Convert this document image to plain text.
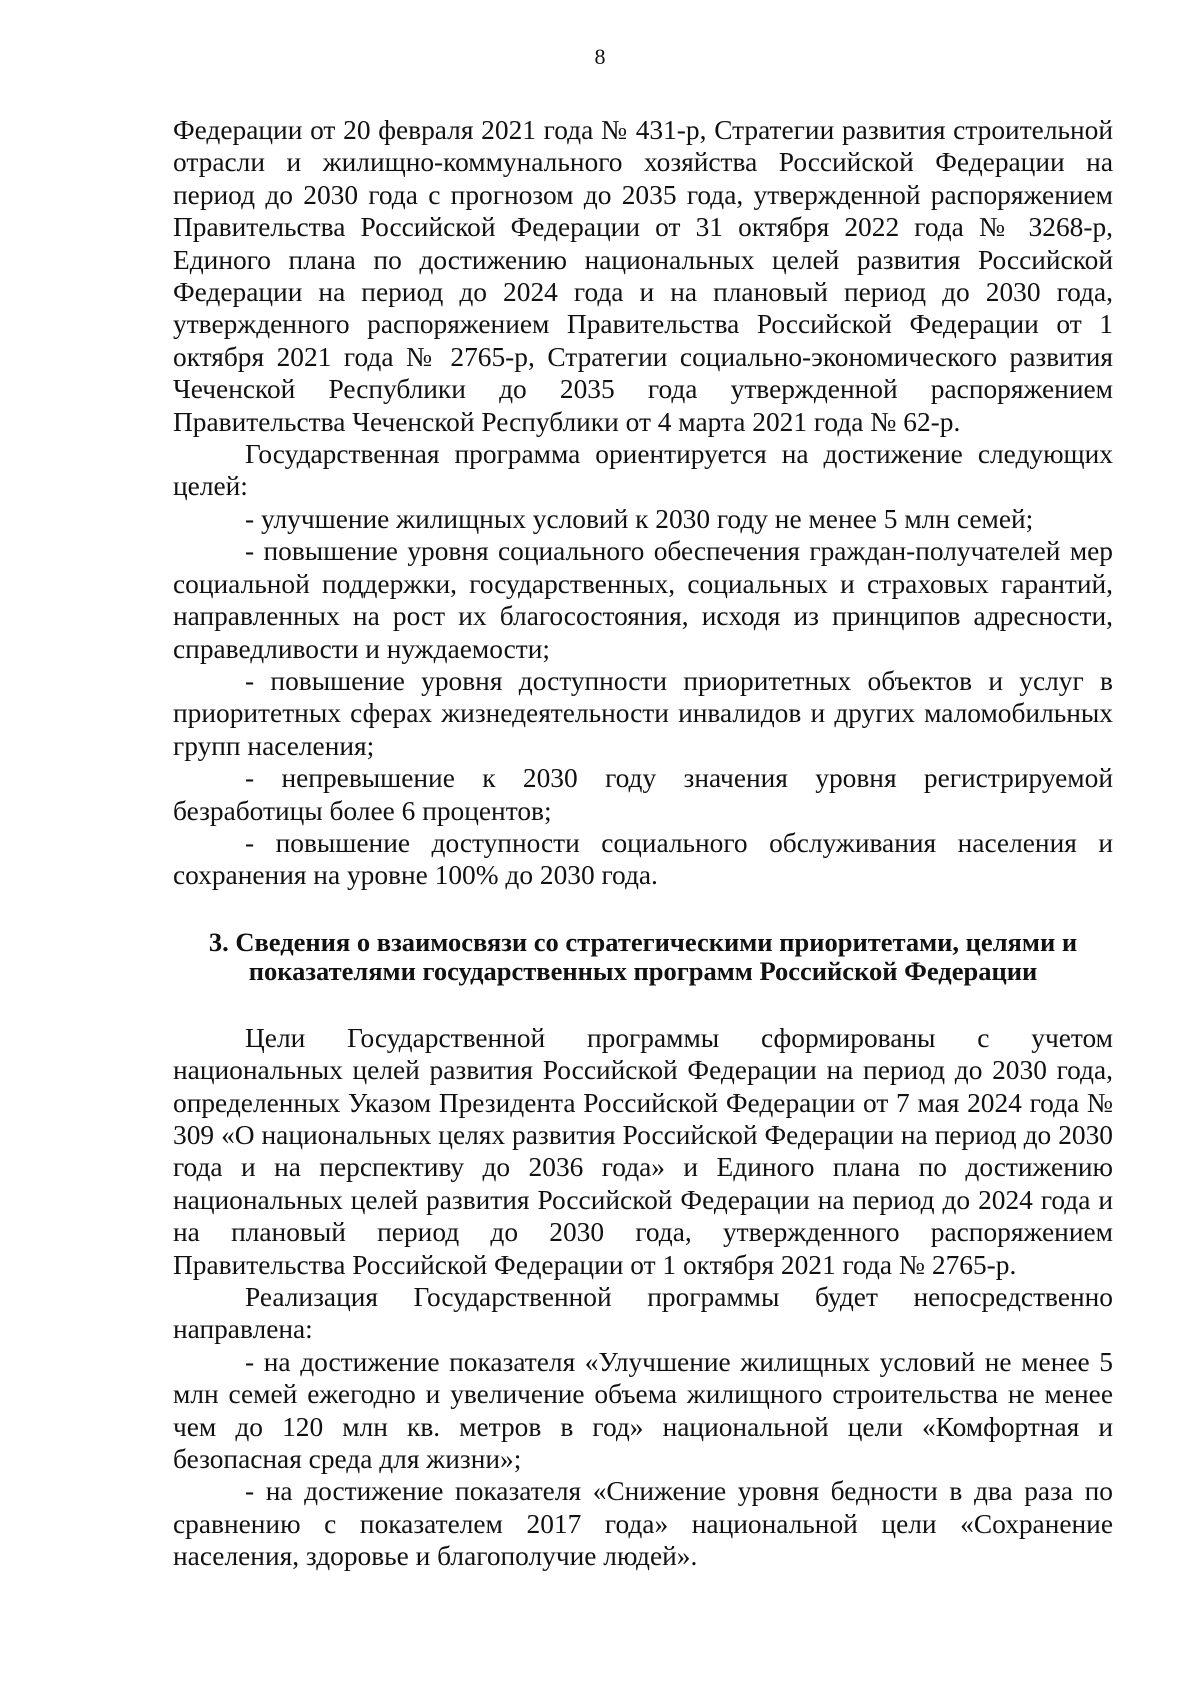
8

Федерации от 20 февраля 2021 года № 431-р, Стратегии развития строительной отрасли и жилищно-коммунального хозяйства Российской Федерации на период до 2030 года с прогнозом до 2035 года, утвержденной распоряжением Правительства Российской Федерации от 31 октября 2022 года № 3268-р, Единого плана по достижению национальных целей развития Российской Федерации на период до 2024 года и на плановый период до 2030 года, утвержденного распоряжением Правительства Российской Федерации от 1 октября 2021 года № 2765-р, Стратегии социально-экономического развития Чеченской Республики до 2035 года утвержденной распоряжением Правительства Чеченской Республики от 4 марта 2021 года № 62-р.

Государственная программа ориентируется на достижение следующих целей:

- улучшение жилищных условий к 2030 году не менее 5 млн семей;

- повышение уровня социального обеспечения граждан-получателей мер социальной поддержки, государственных, социальных и страховых гарантий, направленных на рост их благосостояния, исходя из принципов адресности, справедливости и нуждаемости;

- повышение уровня доступности приоритетных объектов и услуг в приоритетных сферах жизнедеятельности инвалидов и других маломобильных групп населения;

- непревышение к 2030 году значения уровня регистрируемой безработицы более 6 процентов;

- повышение доступности социального обслуживания населения и сохранения на уровне 100% до 2030 года.

3. Сведения о взаимосвязи со стратегическими приоритетами, целями и показателями государственных программ Российской Федерации

Цели Государственной программы сформированы с учетом национальных целей развития Российской Федерации на период до 2030 года, определенных Указом Президента Российской Федерации от 7 мая 2024 года № 309 «О национальных целях развития Российской Федерации на период до 2030 года и на перспективу до 2036 года» и Единого плана по достижению национальных целей развития Российской Федерации на период до 2024 года и на плановый период до 2030 года, утвержденного распоряжением Правительства Российской Федерации от 1 октября 2021 года № 2765-р.

Реализация Государственной программы будет непосредственно направлена:

- на достижение показателя «Улучшение жилищных условий не менее 5 млн семей ежегодно и увеличение объема жилищного строительства не менее чем до 120 млн кв. метров в год» национальной цели «Комфортная и безопасная среда для жизни»;

- на достижение показателя «Снижение уровня бедности в два раза по сравнению с показателем 2017 года» национальной цели «Сохранение населения, здоровье и благополучие людей».
